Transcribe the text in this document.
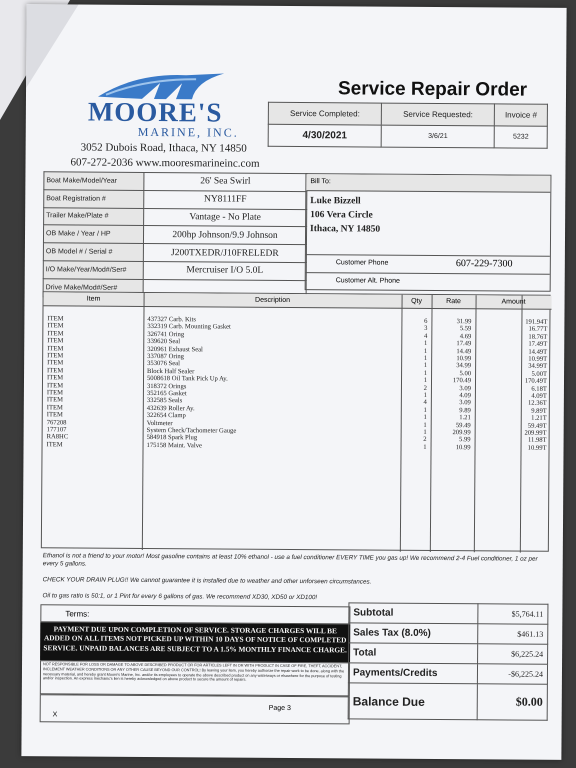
MOORE'S
MARINE, INC.
3052 Dubois Road, Ithaca, NY 14850
607-272-2036 www.mooresmarineinc.com
Service Repair Order
Service Completed:	Service Requested:	Invoice #
4/30/2021	3/6/21	5232
Boat Make/Model/Year	26' Sea Swirl
Boat Registration #	NY8111FF
Trailer Make/Plate #	Vantage - No Plate
OB Make / Year / HP	200hp Johnson/9.9 Johnson
OB Model # / Serial #	J200TXEDR/J10FRELEDR
I/O Make/Year/Mod#/Ser#	Mercruiser I/O 5.0L
Drive Make/Mod#/Ser#	
Bill To:
Luke Bizzell
106 Vera Circle
Ithaca, NY 14850
Customer Phone	607-229-7300
Customer Alt. Phone
Item	Description	Qty	Rate	Amount
ITEM	437327 Carb. Kits	6	31.99	191.94T
ITEM	332319 Carb. Mounting Gasket	3	5.59	16.77T
ITEM	326741 Oring	4	4.69	18.76T
ITEM	339620 Seal	1	17.49	17.49T
ITEM	320961 Exhaust Seal	1	14.49	14.49T
ITEM	337087 Oring	1	10.99	10.99T
ITEM	353076 Seal	1	34.99	34.99T
ITEM	Block Half Sealer	1	5.00	5.00T
ITEM	5008618 Oil Tank Pick Up Ay.	1	170.49	170.49T
ITEM	318372 Orings	2	3.09	6.18T
ITEM	352165 Gasket	1	4.09	4.09T
ITEM	332585 Seals	4	3.09	12.36T
ITEM	432639 Roller Ay.	1	9.89	9.89T
ITEM	322654 Clamp	1	1.21	1.21T
767208	Voltmeter	1	59.49	59.49T
177107	System Check/Tachometer Gauge	1	209.99	209.99T
RA8HC	584918 Spark Plug	2	5.99	11.98T
ITEM	175158 Maint. Valve	1	10.99	10.99T
Ethanol is not a friend to your motor! Most gasoline contains at least 10% ethanol - use a fuel conditioner EVERY TIME you gas up! We recommend 2-4 Fuel conditioner, 1 oz per every 5 gallons.
CHECK YOUR DRAIN PLUG!! We cannot guarantee it is installed due to weather and other unforseen circumstances.
Oil to gas ratio is 50:1, or 1 Pint for every 6 gallons of gas. We recommend XD30, XD50 or XD100!
Terms:
PAYMENT DUE UPON COMPLETION OF SERVICE. STORAGE CHARGES WILL BE ADDED ON ALL ITEMS NOT PICKED UP WITHIN 10 DAYS OF NOTICE OF COMPLETED SERVICE. UNPAID BALANCES ARE SUBJECT TO A 1.5% MONTHLY FINANCE CHARGE.
NOT RESPONSIBLE FOR LOSS OR DAMAGE TO ABOVE DESCRIBED PRODUCT OR FOR ARTICLES LEFT IN OR WITH PRODUCT IN CASE OF FIRE, THEFT, ACCIDENT, INCLEMENT WEATHER CONDITIONS OR ANY OTHER CAUSE BEYOND OUR CONTROL! By leaving your item, you hereby authorize the repair work to be done, along with the necessary material, and hereby grant Moore's Marine, Inc. and/or its employees to operate the above described product on any waterways or elsewhere for the purpose of testing and/or inspection. An express mechanic's lien is hereby acknowledged on above product to secure the amount of repairs.
X
Page 3
Subtotal	$5,764.11
Sales Tax (8.0%)	$461.13
Total	$6,225.24
Payments/Credits	-$6,225.24
Balance Due	$0.00
